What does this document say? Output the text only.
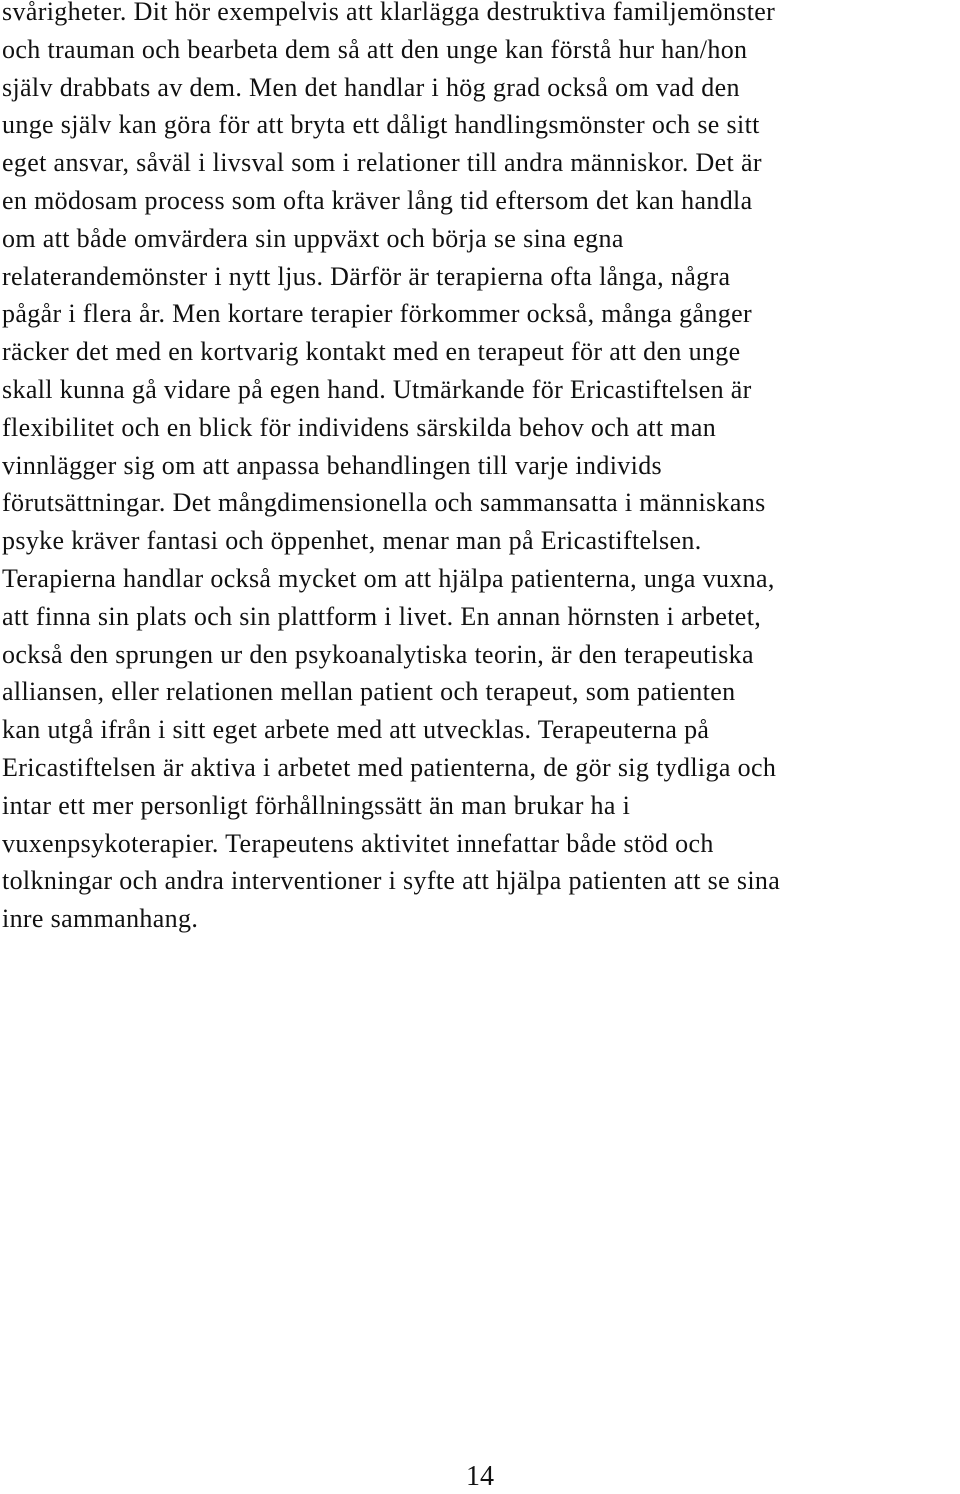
svårigheter. Dit hör exempelvis att klarlägga destruktiva familjemönster
och trauman och bearbeta dem så att den unge kan förstå hur han/hon
själv drabbats av dem. Men det handlar i hög grad också om vad den
unge själv kan göra för att bryta ett dåligt handlingsmönster och se sitt
eget ansvar, såväl i livsval som i relationer till andra människor. Det är
en mödosam process som ofta kräver lång tid eftersom det kan handla
om att både omvärdera sin uppväxt och börja se sina egna
relaterandemönster i nytt ljus. Därför är terapierna ofta långa, några
pågår i flera år. Men kortare terapier förkommer också, många gånger
räcker det med en kortvarig kontakt med en terapeut för att den unge
skall kunna gå vidare på egen hand. Utmärkande för Ericastiftelsen är
flexibilitet och en blick för individens särskilda behov och att man
vinnlägger sig om att anpassa behandlingen till varje individs
förutsättningar. Det mångdimensionella och sammansatta i människans
psyke kräver fantasi och öppenhet, menar man på Ericastiftelsen.
Terapierna handlar också mycket om att hjälpa patienterna, unga vuxna,
att finna sin plats och sin plattform i livet. En annan hörnsten i arbetet,
också den sprungen ur den psykoanalytiska teorin, är den terapeutiska
alliansen, eller relationen mellan patient och terapeut, som patienten
kan utgå ifrån i sitt eget arbete med att utvecklas. Terapeuterna på
Ericastiftelsen är aktiva i arbetet med patienterna, de gör sig tydliga och
intar ett mer personligt förhållningssätt än man brukar ha i
vuxenpsykoterapier. Terapeutens aktivitet innefattar både stöd och
tolkningar och andra interventioner i syfte att hjälpa patienten att se sina
inre sammanhang.

14
